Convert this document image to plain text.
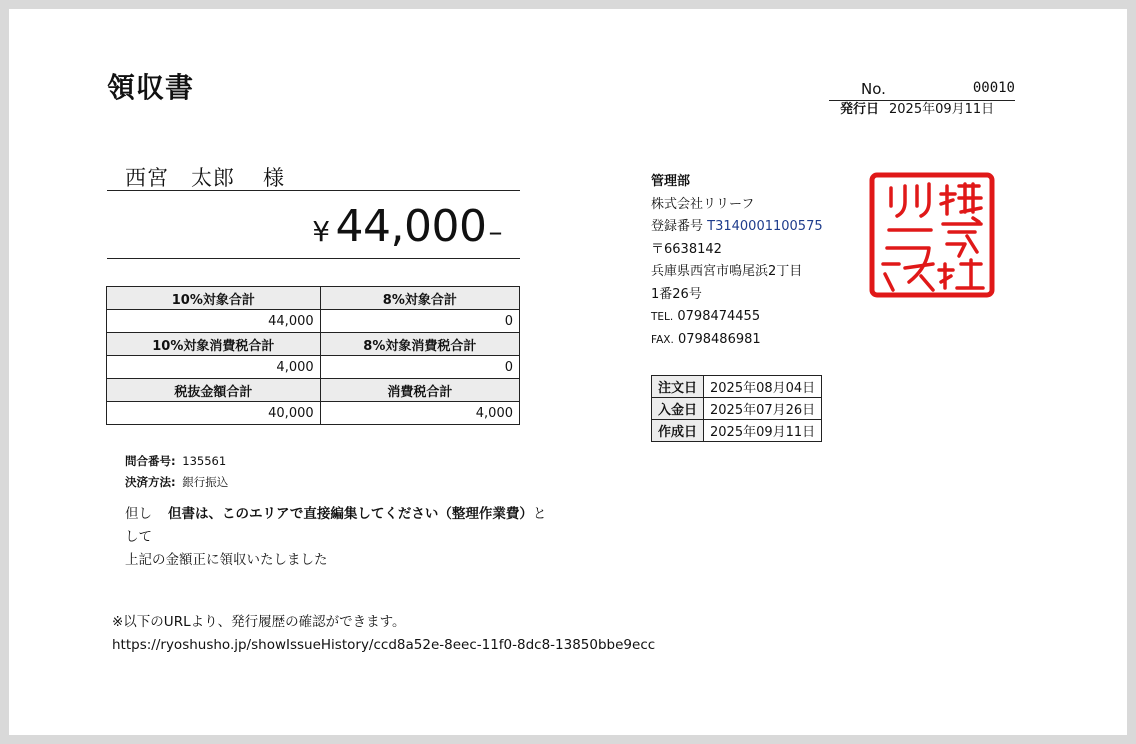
領収書	No.	00010
発行日 2025年09月11日
西宮　太郎 様
¥ 44,000–
10%対象合計	8%対象合計
44,000	0
10%対象消費税合計	8%対象消費税合計
4,000	0
税抜金額合計	消費税合計
40,000	4,000
問合番号: 135561
決済方法: 銀行振込
但し 但書は、このエリアで直接編集してください（整理作業費）として
上記の金額正に領収いたしました
※以下のURLより、発行履歴の確認ができます。
https://ryoshusho.jp/showIssueHistory/ccd8a52e-8eec-11f0-8dc8-13850bbe9ecc
管理部
株式会社リリーフ
登録番号 T3140001100575
〒6638142
兵庫県西宮市鳴尾浜2丁目
1番26号
TEL. 0798474455
FAX. 0798486981
注文日	2025年08月04日
入金日	2025年07月26日
作成日	2025年09月11日
